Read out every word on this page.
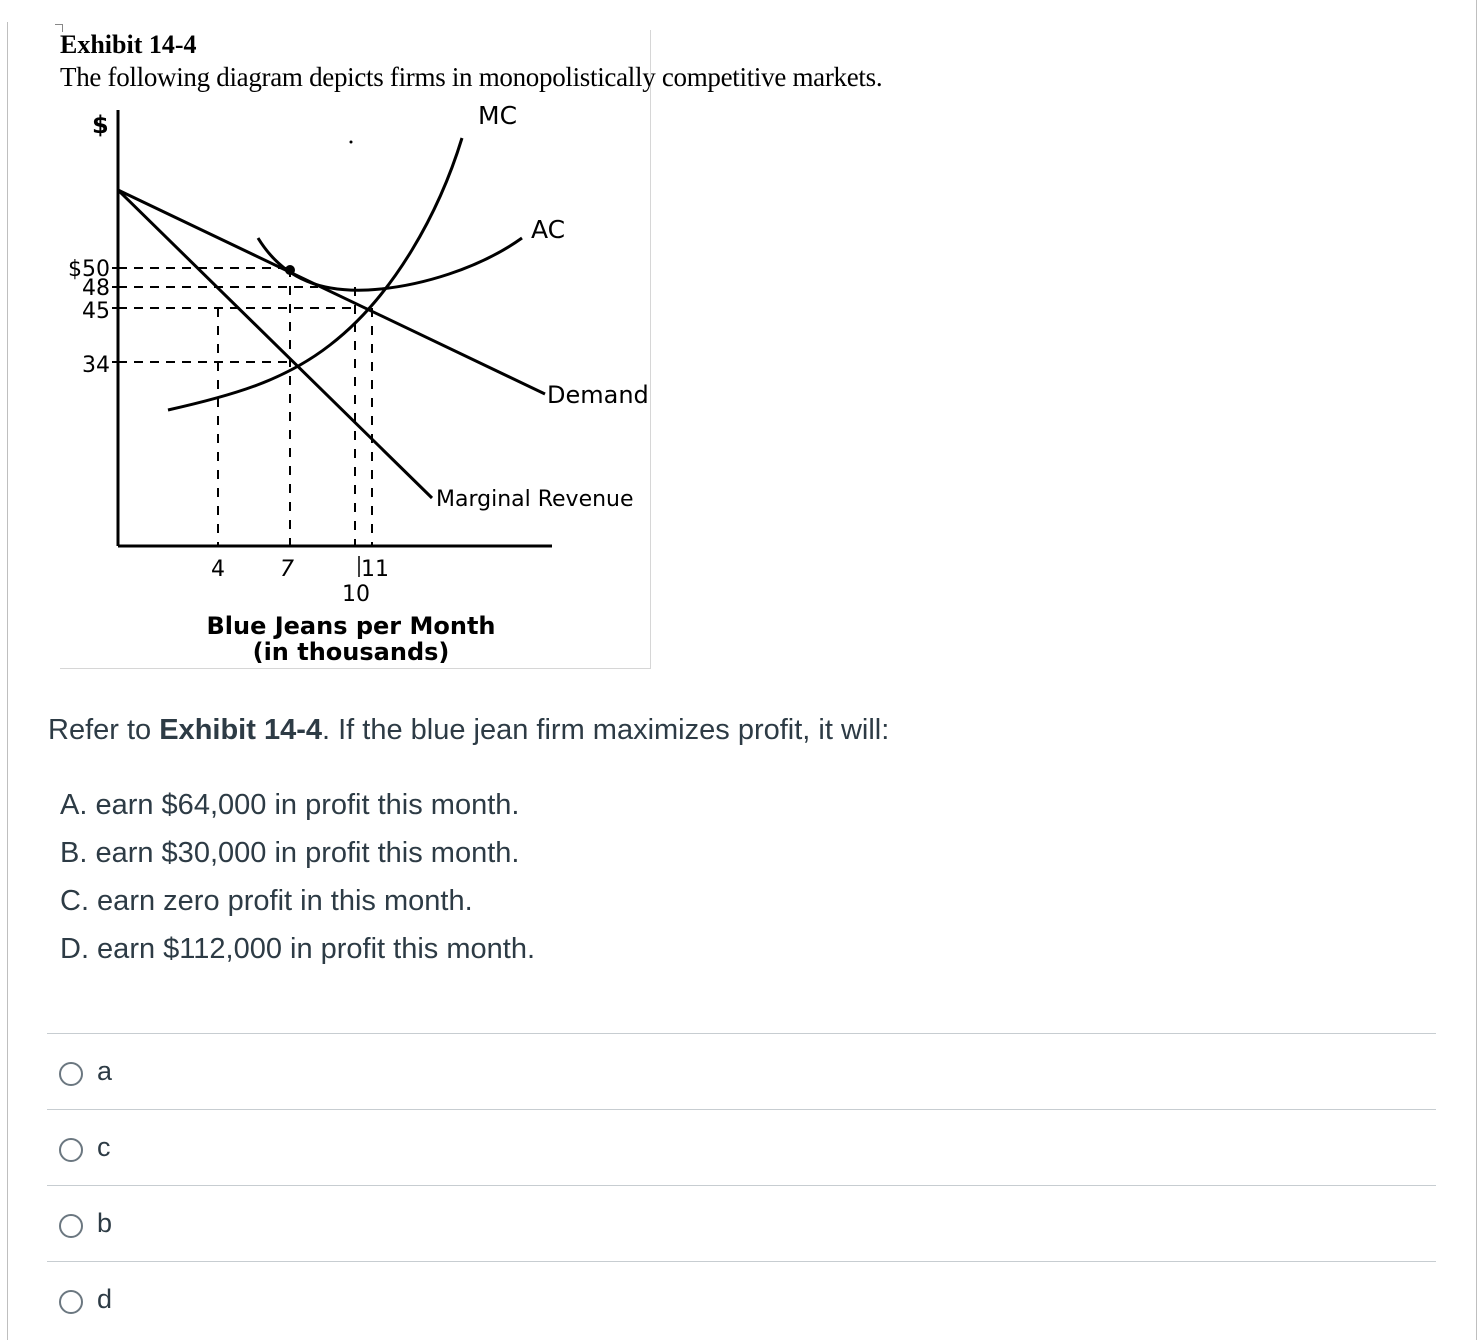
Exhibit 14-4
The following diagram depicts firms in monopolistically competitive markets.
$	MC
AC
Demand
Marginal Revenue
$50
48
45
34
4	7	11
10
Blue Jeans per Month
(in thousands)
Refer to Exhibit 14-4. If the blue jean firm maximizes profit, it will:
A. earn $64,000 in profit this month.
B. earn $30,000 in profit this month.
C. earn zero profit in this month.
D. earn $112,000 in profit this month.
a
c
b
d
